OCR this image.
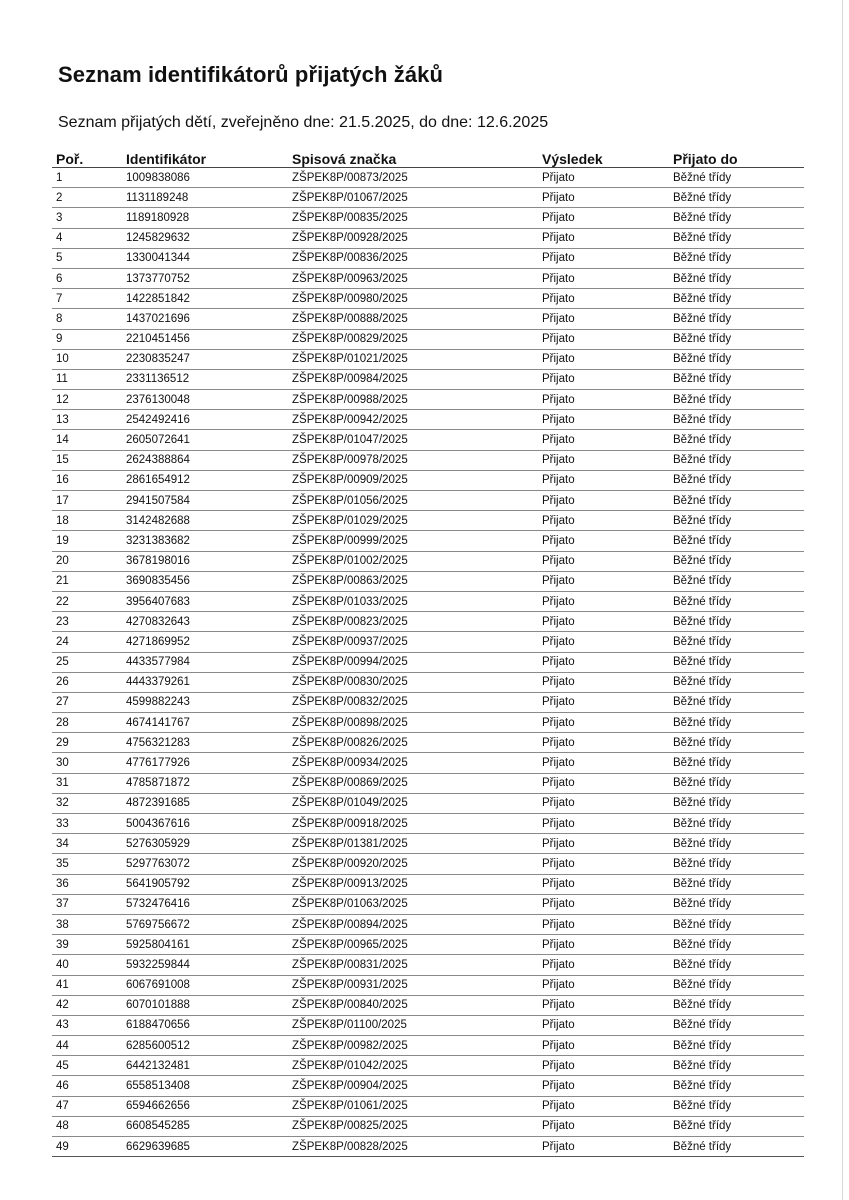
Seznam identifikátorů přijatých žáků
Seznam přijatých dětí, zveřejněno dne: 21.5.2025, do dne: 12.6.2025
Poř.	Identifikátor	Spisová značka	Výsledek	Přijato do
1	1009838086	ZŠPEK8P/00873/2025	Přijato	Běžné třídy
2	1131189248	ZŠPEK8P/01067/2025	Přijato	Běžné třídy
3	1189180928	ZŠPEK8P/00835/2025	Přijato	Běžné třídy
4	1245829632	ZŠPEK8P/00928/2025	Přijato	Běžné třídy
5	1330041344	ZŠPEK8P/00836/2025	Přijato	Běžné třídy
6	1373770752	ZŠPEK8P/00963/2025	Přijato	Běžné třídy
7	1422851842	ZŠPEK8P/00980/2025	Přijato	Běžné třídy
8	1437021696	ZŠPEK8P/00888/2025	Přijato	Běžné třídy
9	2210451456	ZŠPEK8P/00829/2025	Přijato	Běžné třídy
10	2230835247	ZŠPEK8P/01021/2025	Přijato	Běžné třídy
11	2331136512	ZŠPEK8P/00984/2025	Přijato	Běžné třídy
12	2376130048	ZŠPEK8P/00988/2025	Přijato	Běžné třídy
13	2542492416	ZŠPEK8P/00942/2025	Přijato	Běžné třídy
14	2605072641	ZŠPEK8P/01047/2025	Přijato	Běžné třídy
15	2624388864	ZŠPEK8P/00978/2025	Přijato	Běžné třídy
16	2861654912	ZŠPEK8P/00909/2025	Přijato	Běžné třídy
17	2941507584	ZŠPEK8P/01056/2025	Přijato	Běžné třídy
18	3142482688	ZŠPEK8P/01029/2025	Přijato	Běžné třídy
19	3231383682	ZŠPEK8P/00999/2025	Přijato	Běžné třídy
20	3678198016	ZŠPEK8P/01002/2025	Přijato	Běžné třídy
21	3690835456	ZŠPEK8P/00863/2025	Přijato	Běžné třídy
22	3956407683	ZŠPEK8P/01033/2025	Přijato	Běžné třídy
23	4270832643	ZŠPEK8P/00823/2025	Přijato	Běžné třídy
24	4271869952	ZŠPEK8P/00937/2025	Přijato	Běžné třídy
25	4433577984	ZŠPEK8P/00994/2025	Přijato	Běžné třídy
26	4443379261	ZŠPEK8P/00830/2025	Přijato	Běžné třídy
27	4599882243	ZŠPEK8P/00832/2025	Přijato	Běžné třídy
28	4674141767	ZŠPEK8P/00898/2025	Přijato	Běžné třídy
29	4756321283	ZŠPEK8P/00826/2025	Přijato	Běžné třídy
30	4776177926	ZŠPEK8P/00934/2025	Přijato	Běžné třídy
31	4785871872	ZŠPEK8P/00869/2025	Přijato	Běžné třídy
32	4872391685	ZŠPEK8P/01049/2025	Přijato	Běžné třídy
33	5004367616	ZŠPEK8P/00918/2025	Přijato	Běžné třídy
34	5276305929	ZŠPEK8P/01381/2025	Přijato	Běžné třídy
35	5297763072	ZŠPEK8P/00920/2025	Přijato	Běžné třídy
36	5641905792	ZŠPEK8P/00913/2025	Přijato	Běžné třídy
37	5732476416	ZŠPEK8P/01063/2025	Přijato	Běžné třídy
38	5769756672	ZŠPEK8P/00894/2025	Přijato	Běžné třídy
39	5925804161	ZŠPEK8P/00965/2025	Přijato	Běžné třídy
40	5932259844	ZŠPEK8P/00831/2025	Přijato	Běžné třídy
41	6067691008	ZŠPEK8P/00931/2025	Přijato	Běžné třídy
42	6070101888	ZŠPEK8P/00840/2025	Přijato	Běžné třídy
43	6188470656	ZŠPEK8P/01100/2025	Přijato	Běžné třídy
44	6285600512	ZŠPEK8P/00982/2025	Přijato	Běžné třídy
45	6442132481	ZŠPEK8P/01042/2025	Přijato	Běžné třídy
46	6558513408	ZŠPEK8P/00904/2025	Přijato	Běžné třídy
47	6594662656	ZŠPEK8P/01061/2025	Přijato	Běžné třídy
48	6608545285	ZŠPEK8P/00825/2025	Přijato	Běžné třídy
49	6629639685	ZŠPEK8P/00828/2025	Přijato	Běžné třídy
